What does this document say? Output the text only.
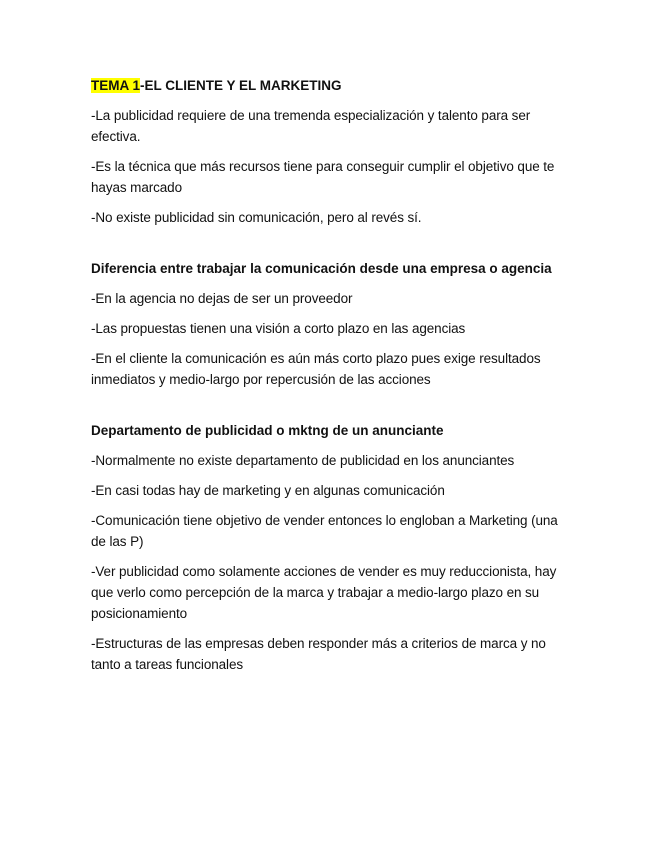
TEMA 1-EL CLIENTE Y EL MARKETING

-La publicidad requiere de una tremenda especialización y talento para ser efectiva.

-Es la técnica que más recursos tiene para conseguir cumplir el objetivo que te hayas marcado

-No existe publicidad sin comunicación, pero al revés sí.

Diferencia entre trabajar la comunicación desde una empresa o agencia

-En la agencia no dejas de ser un proveedor

-Las propuestas tienen una visión a corto plazo en las agencias

-En el cliente la comunicación es aún más corto plazo pues exige resultados inmediatos y medio-largo por repercusión de las acciones

Departamento de publicidad o mktng de un anunciante

-Normalmente no existe departamento de publicidad en los anunciantes

-En casi todas hay de marketing y en algunas comunicación

-Comunicación tiene objetivo de vender entonces lo engloban a Marketing (una de las P)

-Ver publicidad como solamente acciones de vender es muy reduccionista, hay que verlo como percepción de la marca y trabajar a medio-largo plazo en su posicionamiento

-Estructuras de las empresas deben responder más a criterios de marca y no tanto a tareas funcionales
